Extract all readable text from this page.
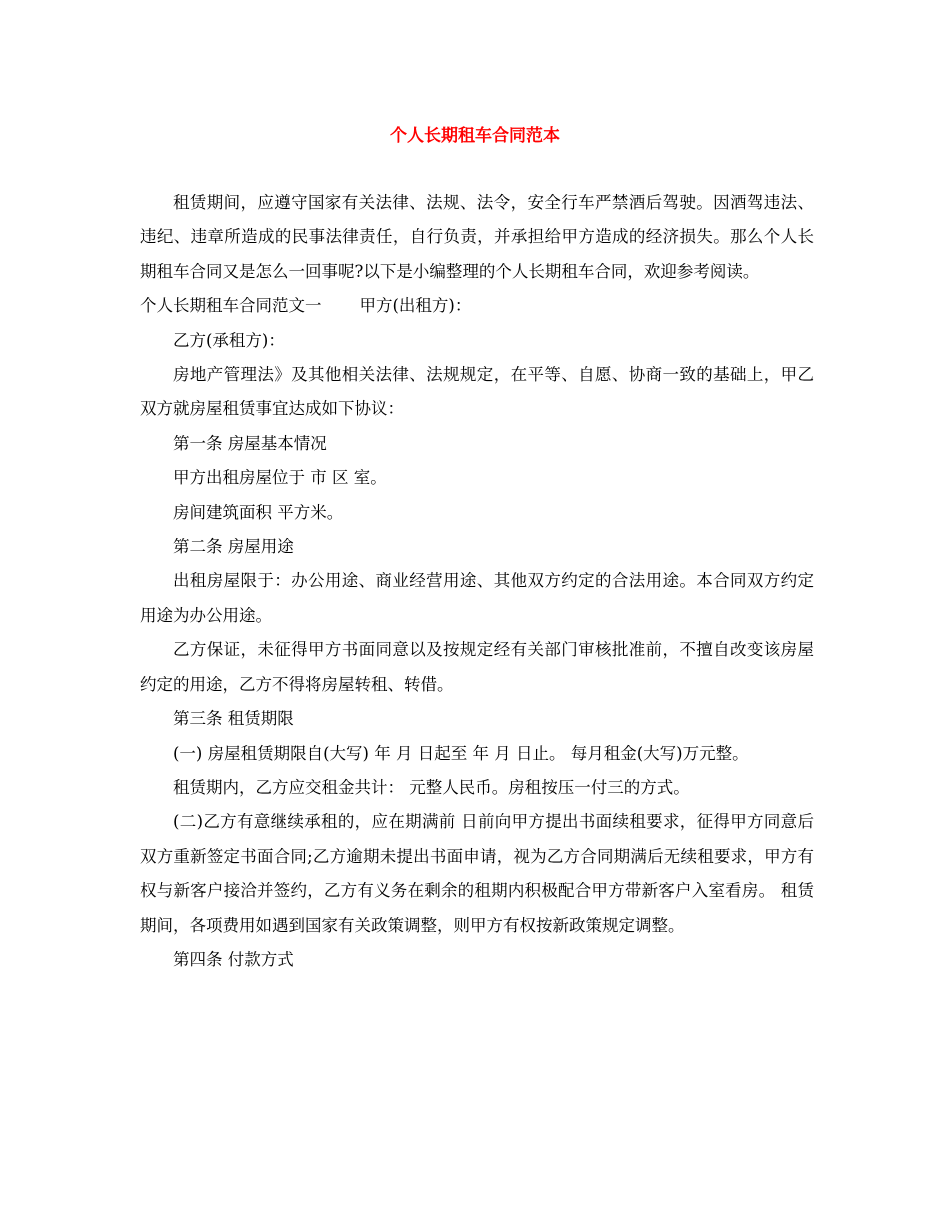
个人长期租车合同范本

租赁期间，应遵守国家有关法律、法规、法令，安全行车严禁酒后驾驶。因酒驾违法、违纪、违章所造成的民事法律责任，自行负责，并承担给甲方造成的经济损失。那么个人长期租车合同又是怎么一回事呢?以下是小编整理的个人长期租车合同，欢迎参考阅读。

个人长期租车合同范文一 甲方(出租方)：

乙方(承租方)：

房地产管理法》及其他相关法律、法规规定，在平等、自愿、协商一致的基础上，甲乙双方就房屋租赁事宜达成如下协议：

第一条 房屋基本情况

甲方出租房屋位于 市 区 室。

房间建筑面积 平方米。

第二条 房屋用途

出租房屋限于：办公用途、商业经营用途、其他双方约定的合法用途。本合同双方约定用途为办公用途。

乙方保证，未征得甲方书面同意以及按规定经有关部门审核批准前，不擅自改变该房屋约定的用途，乙方不得将房屋转租、转借。

第三条 租赁期限

(一) 房屋租赁期限自(大写) 年 月 日起至 年 月 日止。 每月租金(大写)万元整。

租赁期内，乙方应交租金共计： 元整人民币。房租按压一付三的方式。

(二)乙方有意继续承租的，应在期满前 日前向甲方提出书面续租要求，征得甲方同意后双方重新签定书面合同;乙方逾期未提出书面申请，视为乙方合同期满后无续租要求，甲方有权与新客户接洽并签约，乙方有义务在剩余的租期内积极配合甲方带新客户入室看房。 租赁期间，各项费用如遇到国家有关政策调整，则甲方有权按新政策规定调整。

第四条 付款方式
